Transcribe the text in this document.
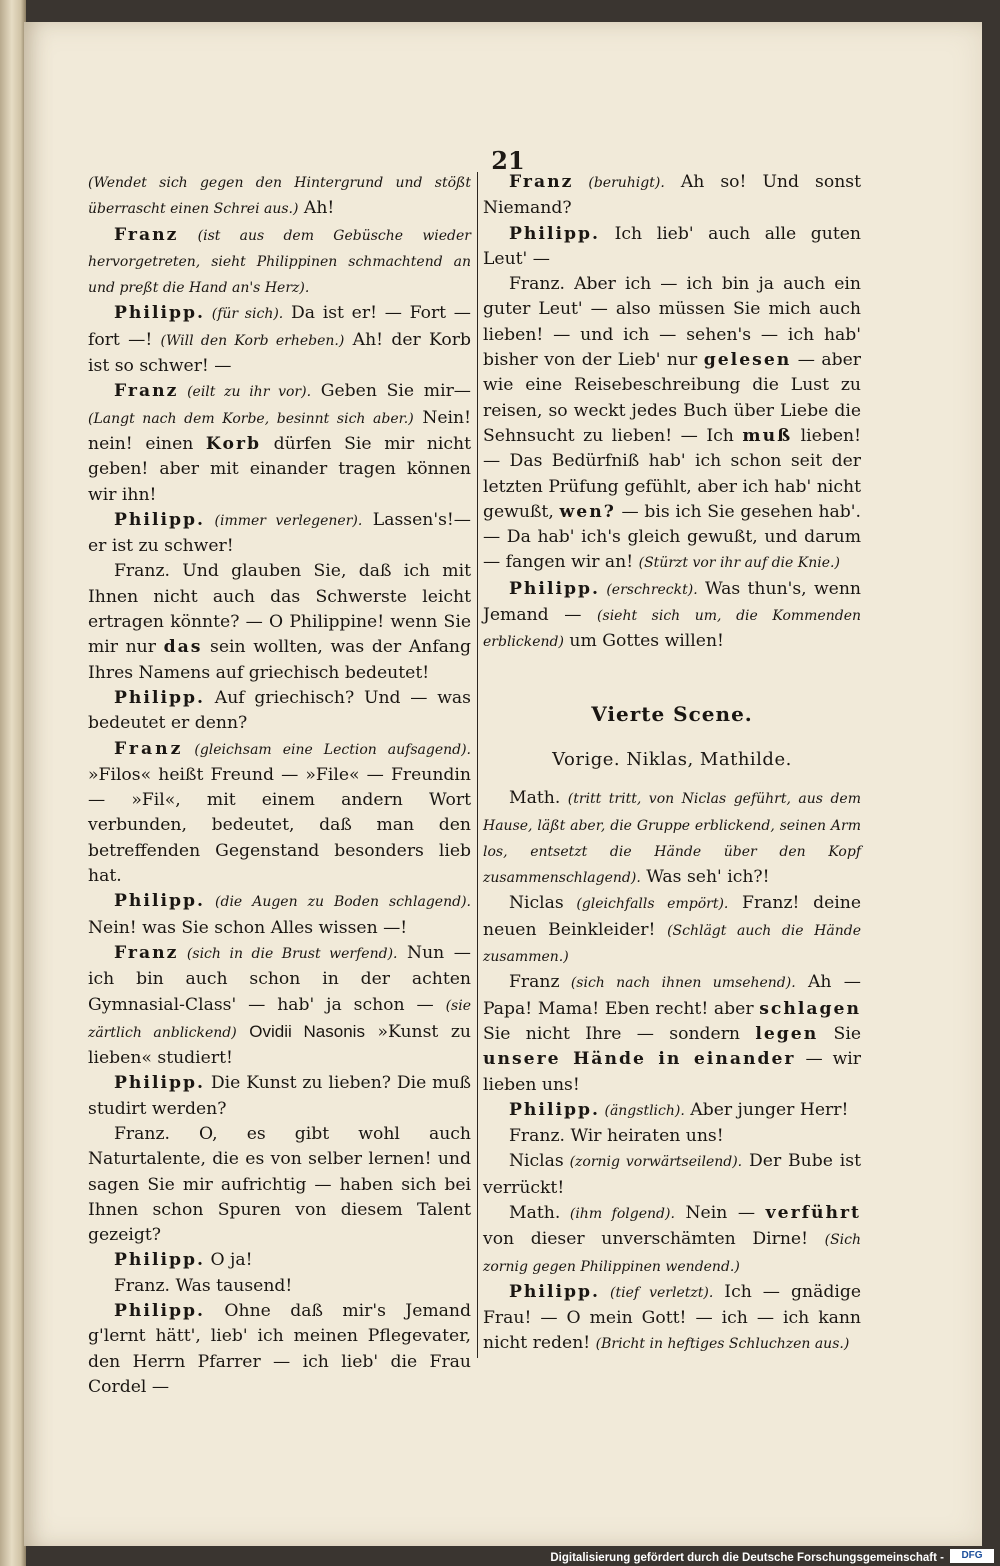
21

(Wendet sich gegen den Hintergrund und stößt überrascht einen Schrei aus.) Ah!

Franz (ist aus dem Gebüsche wieder hervorgetreten, sieht Philippinen schmachtend an und preßt die Hand an's Herz).

Philipp. (für sich). Da ist er! — Fort — fort —! (Will den Korb erheben.) Ah! der Korb ist so schwer! —

Franz (eilt zu ihr vor). Geben Sie mir— (Langt nach dem Korbe, besinnt sich aber.) Nein! nein! einen Korb dürfen Sie mir nicht geben! aber mit einander tragen können wir ihn!

Philipp. (immer verlegener). Lassen's!— er ist zu schwer!

Franz. Und glauben Sie, daß ich mit Ihnen nicht auch das Schwerste leicht ertragen könnte? — O Philippine! wenn Sie mir nur das sein wollten, was der Anfang Ihres Namens auf griechisch bedeutet!

Philipp. Auf griechisch? Und — was bedeutet er denn?

Franz (gleichsam eine Lection aufsagend). »Filos« heißt Freund — »File« — Freundin — »Fil«, mit einem andern Wort verbunden, bedeutet, daß man den betreffenden Gegenstand besonders lieb hat.

Philipp. (die Augen zu Boden schlagend). Nein! was Sie schon Alles wissen —!

Franz (sich in die Brust werfend). Nun — ich bin auch schon in der achten Gymnasial-Class' — hab' ja schon — (sie zärtlich anblickend) Ovidii Nasonis »Kunst zu lieben« studiert!

Philipp. Die Kunst zu lieben? Die muß studirt werden?

Franz. O, es gibt wohl auch Naturtalente, die es von selber lernen! und sagen Sie mir aufrichtig — haben sich bei Ihnen schon Spuren von diesem Talent gezeigt?

Philipp. O ja!

Franz. Was tausend!

Philipp. Ohne daß mir's Jemand g'lernt hätt', lieb' ich meinen Pflegevater, den Herrn Pfarrer — ich lieb' die Frau Cordel —

Franz (beruhigt). Ah so! Und sonst Niemand?

Philipp. Ich lieb' auch alle guten Leut' —

Franz. Aber ich — ich bin ja auch ein guter Leut' — also müssen Sie mich auch lieben! — und ich — sehen's — ich hab' bisher von der Lieb' nur gelesen — aber wie eine Reisebeschreibung die Lust zu reisen, so weckt jedes Buch über Liebe die Sehnsucht zu lieben! — Ich muß lieben! — Das Bedürfniß hab' ich schon seit der letzten Prüfung gefühlt, aber ich hab' nicht gewußt, wen? — bis ich Sie gesehen hab'. — Da hab' ich's gleich gewußt, und darum — fangen wir an! (Stürzt vor ihr auf die Knie.)

Philipp. (erschreckt). Was thun's, wenn Jemand — (sieht sich um, die Kommenden erblickend) um Gottes willen!

Vierte Scene.

Vorige. Niklas, Mathilde.

Math. (tritt tritt, von Niclas geführt, aus dem Hause, läßt aber, die Gruppe erblickend, seinen Arm los, entsetzt die Hände über den Kopf zusammenschlagend). Was seh' ich?!

Niclas (gleichfalls empört). Franz! deine neuen Beinkleider! (Schlägt auch die Hände zusammen.)

Franz (sich nach ihnen umsehend). Ah — Papa! Mama! Eben recht! aber schlagen Sie nicht Ihre — sondern legen Sie unsere Hände in einander — wir lieben uns!

Philipp. (ängstlich). Aber junger Herr!

Franz. Wir heiraten uns!

Niclas (zornig vorwärtseilend). Der Bube ist verrückt!

Math. (ihm folgend). Nein — verführt von dieser unverschämten Dirne! (Sich zornig gegen Philippinen wendend.)

Philipp. (tief verletzt). Ich — gnädige Frau! — O mein Gott! — ich — ich kann nicht reden! (Bricht in heftiges Schluchzen aus.)

Digitalisierung gefördert durch die Deutsche Forschungsgemeinschaft -	DFG
